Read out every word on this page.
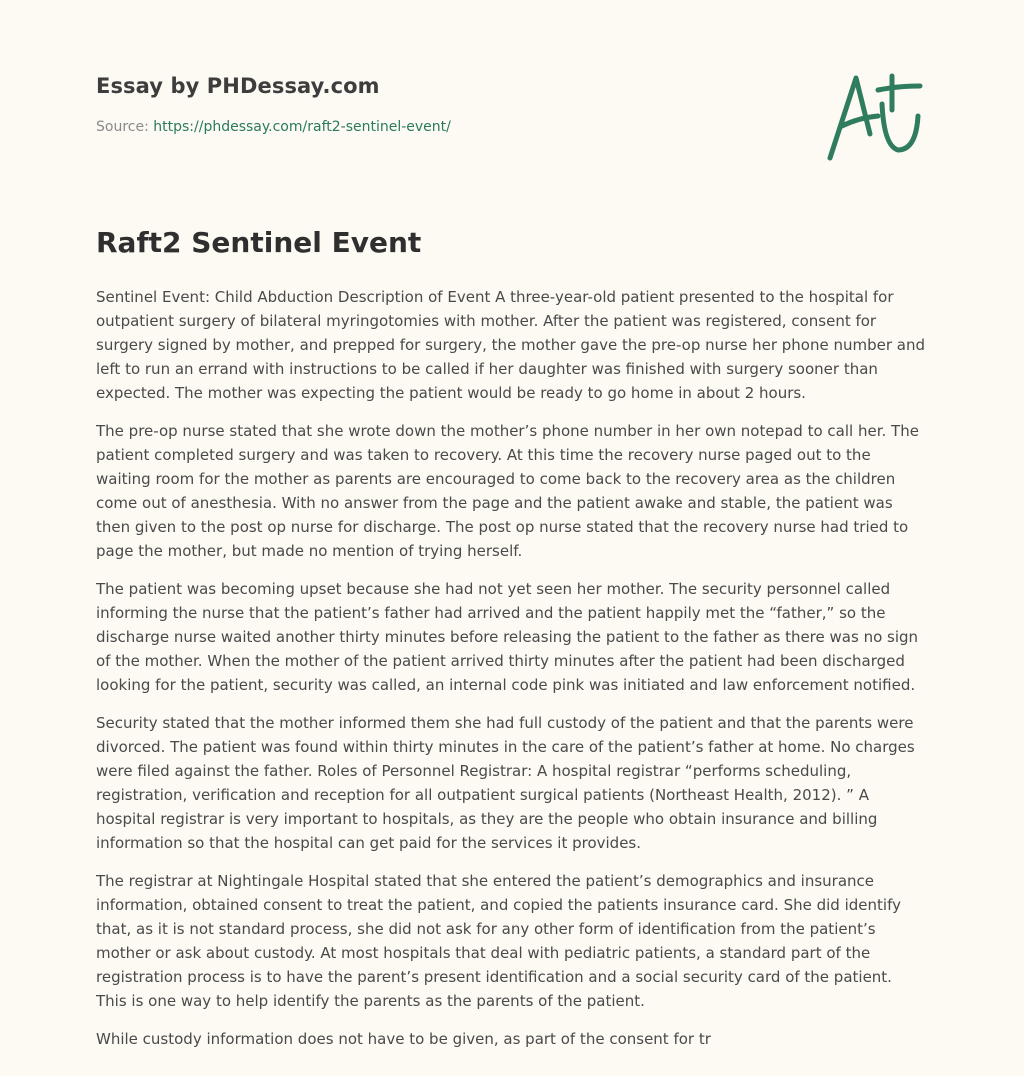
Essay by PHDessay.com
Source: https://phdessay.com/raft2-sentinel-event/
Raft2 Sentinel Event

Sentinel Event: Child Abduction Description of Event A three-year-old patient presented to the hospital for outpatient surgery of bilateral myringotomies with mother. After the patient was registered, consent for surgery signed by mother, and prepped for surgery, the mother gave the pre-op nurse her phone number and left to run an errand with instructions to be called if her daughter was finished with surgery sooner than expected. The mother was expecting the patient would be ready to go home in about 2 hours.

The pre-op nurse stated that she wrote down the mother’s phone number in her own notepad to call her. The patient completed surgery and was taken to recovery. At this time the recovery nurse paged out to the waiting room for the mother as parents are encouraged to come back to the recovery area as the children come out of anesthesia. With no answer from the page and the patient awake and stable, the patient was then given to the post op nurse for discharge. The post op nurse stated that the recovery nurse had tried to page the mother, but made no mention of trying herself.

The patient was becoming upset because she had not yet seen her mother. The security personnel called informing the nurse that the patient’s father had arrived and the patient happily met the “father,” so the discharge nurse waited another thirty minutes before releasing the patient to the father as there was no sign of the mother. When the mother of the patient arrived thirty minutes after the patient had been discharged looking for the patient, security was called, an internal code pink was initiated and law enforcement notified.

Security stated that the mother informed them she had full custody of the patient and that the parents were divorced. The patient was found within thirty minutes in the care of the patient’s father at home. No charges were filed against the father. Roles of Personnel Registrar: A hospital registrar “performs scheduling, registration, verification and reception for all outpatient surgical patients (Northeast Health, 2012). ” A hospital registrar is very important to hospitals, as they are the people who obtain insurance and billing information so that the hospital can get paid for the services it provides.

The registrar at Nightingale Hospital stated that she entered the patient’s demographics and insurance information, obtained consent to treat the patient, and copied the patients insurance card. She did identify that, as it is not standard process, she did not ask for any other form of identification from the patient’s mother or ask about custody. At most hospitals that deal with pediatric patients, a standard part of the registration process is to have the parent’s present identification and a social security card of the patient. This is one way to help identify the parents as the parents of the patient.

While custody information does not have to be given, as part of the consent for tr
